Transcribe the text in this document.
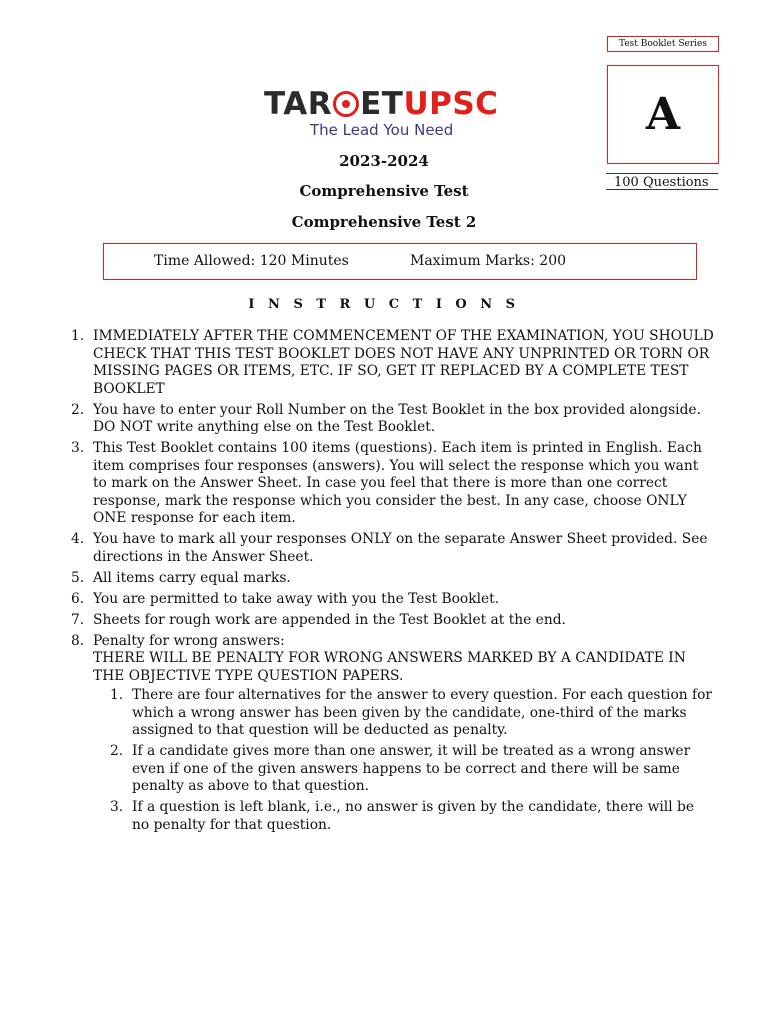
Test Booklet Series
A
100 Questions
TAR ETUPSC
The Lead You Need
2023-2024
Comprehensive Test
Comprehensive Test 2
Time Allowed: 120 Minutes	Maximum Marks: 200
I N S T R U C T I O N S
1. IMMEDIATELY AFTER THE COMMENCEMENT OF THE EXAMINATION, YOU SHOULD CHECK THAT THIS TEST BOOKLET DOES NOT HAVE ANY UNPRINTED OR TORN OR MISSING PAGES OR ITEMS, ETC. IF SO, GET IT REPLACED BY A COMPLETE TEST BOOKLET
2. You have to enter your Roll Number on the Test Booklet in the box provided alongside. DO NOT write anything else on the Test Booklet.
3. This Test Booklet contains 100 items (questions). Each item is printed in English. Each item comprises four responses (answers). You will select the response which you want to mark on the Answer Sheet. In case you feel that there is more than one correct response, mark the response which you consider the best. In any case, choose ONLY ONE response for each item.
4. You have to mark all your responses ONLY on the separate Answer Sheet provided. See directions in the Answer Sheet.
5. All items carry equal marks.
6. You are permitted to take away with you the Test Booklet.
7. Sheets for rough work are appended in the Test Booklet at the end.
8. Penalty for wrong answers:
THERE WILL BE PENALTY FOR WRONG ANSWERS MARKED BY A CANDIDATE IN THE OBJECTIVE TYPE QUESTION PAPERS.
1. There are four alternatives for the answer to every question. For each question for which a wrong answer has been given by the candidate, one-third of the marks assigned to that question will be deducted as penalty.
2. If a candidate gives more than one answer, it will be treated as a wrong answer even if one of the given answers happens to be correct and there will be same penalty as above to that question.
3. If a question is left blank, i.e., no answer is given by the candidate, there will be no penalty for that question.
